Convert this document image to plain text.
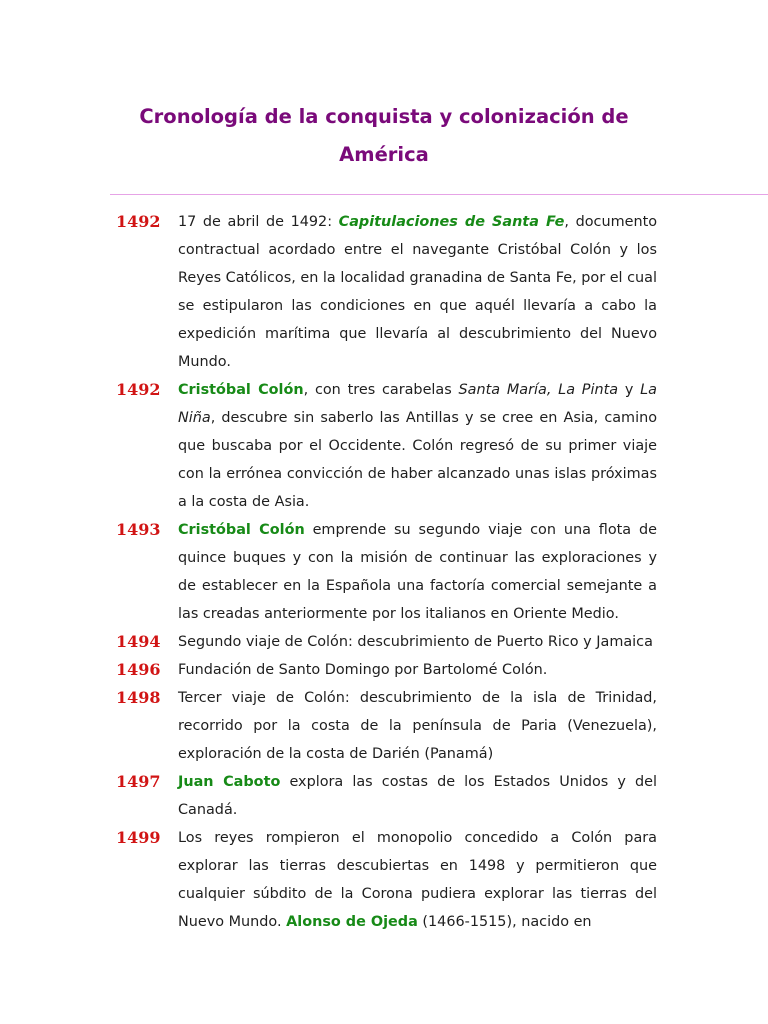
Cronología de la conquista y colonización de América
1492	17 de abril de 1492: Capitulaciones de Santa Fe, documento contractual acordado entre el navegante Cristóbal Colón y los Reyes Católicos, en la localidad granadina de Santa Fe, por el cual se estipularon las condiciones en que aquél llevaría a cabo la expedición marítima que llevaría al descubrimiento del Nuevo Mundo.
1492	Cristóbal Colón, con tres carabelas Santa María, La Pinta y La Niña, descubre sin saberlo las Antillas y se cree en Asia, camino que buscaba por el Occidente. Colón regresó de su primer viaje con la errónea convicción de haber alcanzado unas islas próximas a la costa de Asia.
1493	Cristóbal Colón emprende su segundo viaje con una flota de quince buques y con la misión de continuar las exploraciones y de establecer en la Española una factoría comercial semejante a las creadas anteriormente por los italianos en Oriente Medio.
1494	Segundo viaje de Colón: descubrimiento de Puerto Rico y Jamaica
1496	Fundación de Santo Domingo por Bartolomé Colón.
1498	Tercer viaje de Colón: descubrimiento de la isla de Trinidad, recorrido por la costa de la península de Paria (Venezuela), exploración de la costa de Darién (Panamá)
1497	Juan Caboto explora las costas de los Estados Unidos y del Canadá.
1499	Los reyes rompieron el monopolio concedido a Colón para explorar las tierras descubiertas en 1498 y permitieron que cualquier súbdito de la Corona pudiera explorar las tierras del Nuevo Mundo. Alonso de Ojeda (1466-1515), nacido en
